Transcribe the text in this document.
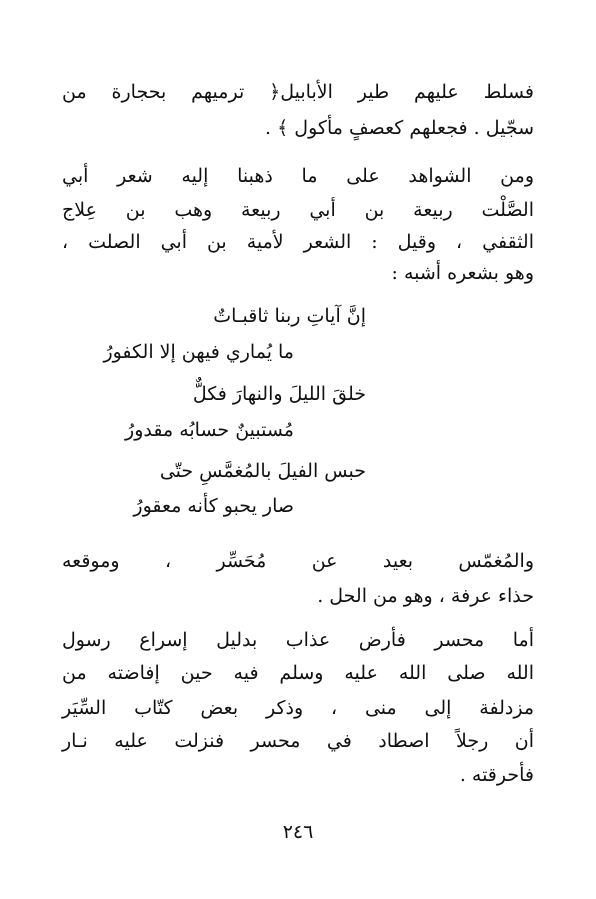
فسلط عليهم طير الأبابيل﴿ ترميهم بحجارة من
سجّيل . فجعلهم كعصفٍ مأكول ﴾ .
ومن الشواهد على ما ذهبنا إليه شعر أبي
الصَّلْت ربيعة بن أبي ربيعة وهب بن عِلاج
الثقفي ، وقيل : الشعر لأمية بن أبي الصلت ،
وهو بشعره أشبه :
إنَّ آياتِ ربنا ثاقبـاتٌ
ما يُماري فيهن إلا الكفورُ
خلقَ الليلَ والنهارَ فكلٌّ
مُستبينٌ حسابُه مقدورُ
حبس الفيلَ بالمُغمَّسِ حتّى
صار يحبو كأنه معقورُ
والمُغمّس بعيد عن مُحَسِّر ، وموقعه
حذاء عرفة ، وهو من الحل .
أما محسر فأرض عذاب بدليل إسراع رسول
الله صلى الله عليه وسلم فيه حين إفاضته من
مزدلفة إلى منى ، وذكر بعض كتّاب السِّيَر
أن رجلاً اصطاد في محسر فنزلت عليه نـار
فأحرقته .
٢٤٦
